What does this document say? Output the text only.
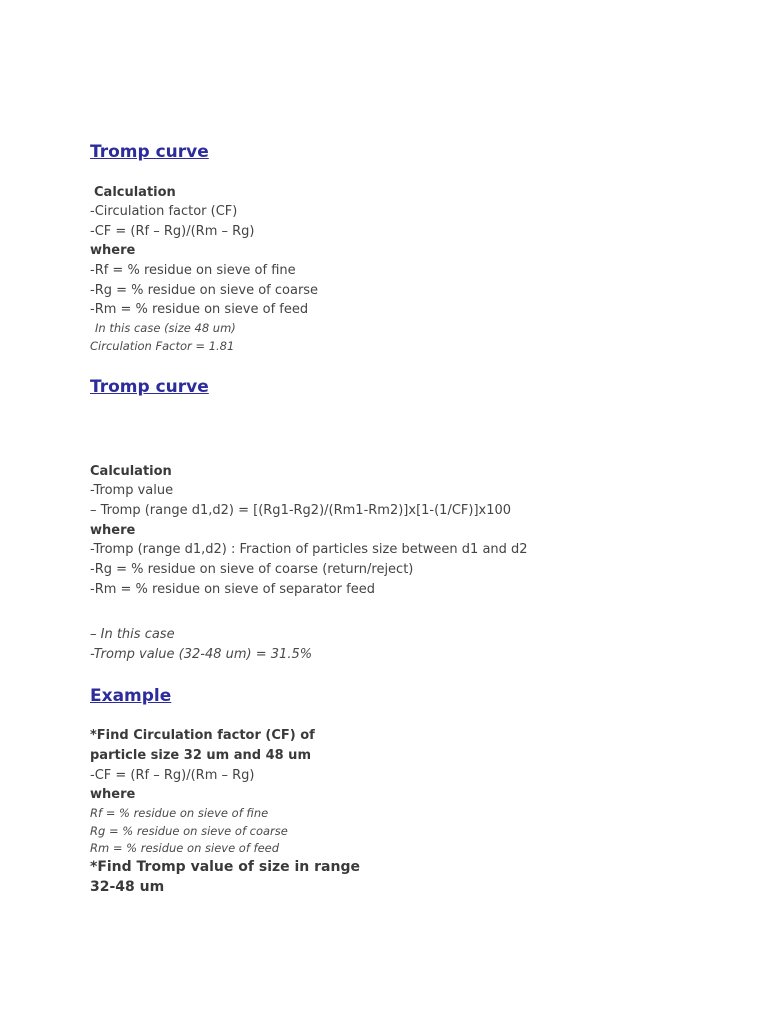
Tromp curve
Calculation
-Circulation factor (CF)
-CF = (Rf – Rg)/(Rm – Rg)
where
-Rf = % residue on sieve of fine
-Rg = % residue on sieve of coarse
-Rm = % residue on sieve of feed
In this case (size 48 um)
Circulation Factor = 1.81
Tromp curve
Calculation
-Tromp value
– Tromp (range d1,d2) = [(Rg1-Rg2)/(Rm1-Rm2)]x[1-(1/CF)]x100
where
-Tromp (range d1,d2) : Fraction of particles size between d1 and d2
-Rg = % residue on sieve of coarse (return/reject)
-Rm = % residue on sieve of separator feed
– In this case
-Tromp value (32-48 um) = 31.5%
Example
*Find Circulation factor (CF) of
particle size 32 um and 48 um
-CF = (Rf – Rg)/(Rm – Rg)
where
Rf = % residue on sieve of fine
Rg = % residue on sieve of coarse
Rm = % residue on sieve of feed
*Find Tromp value of size in range
32-48 um
